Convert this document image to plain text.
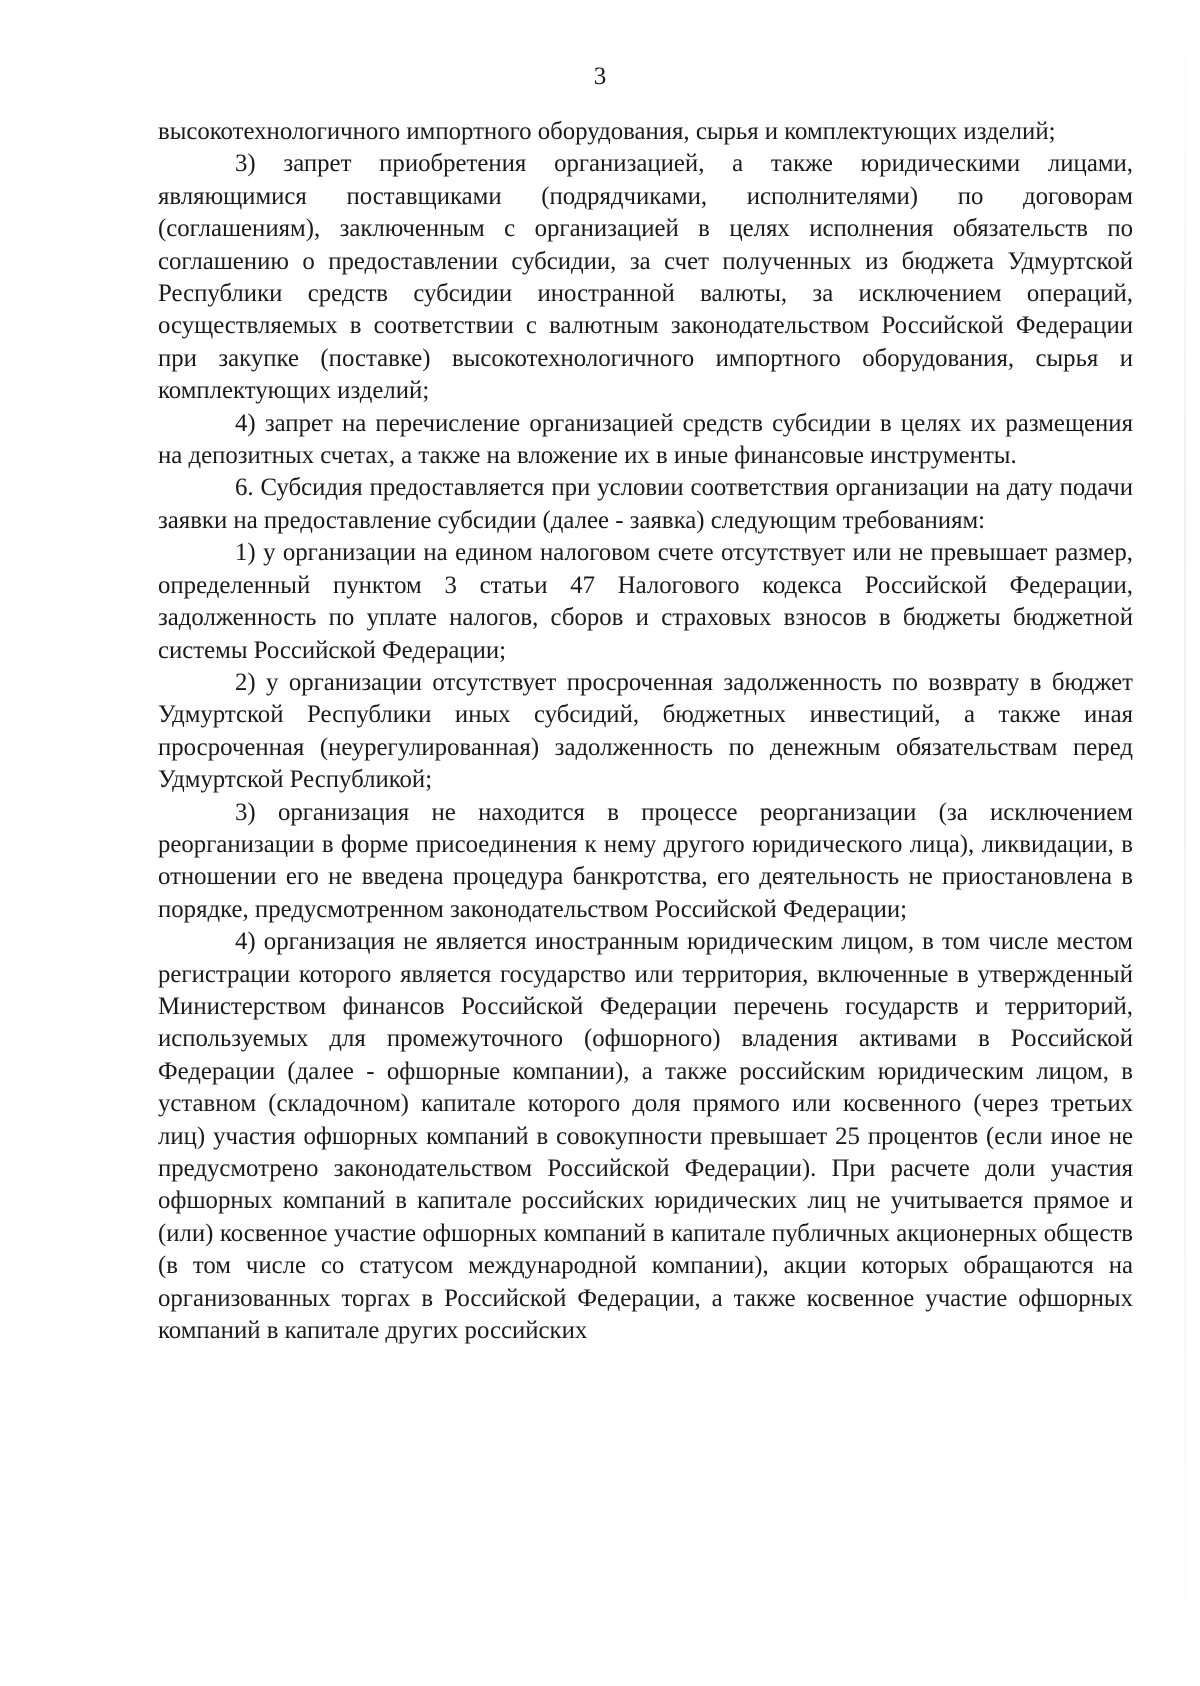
3

высокотехнологичного импортного оборудования, сырья и комплектующих изделий;

3) запрет приобретения организацией, а также юридическими лицами, являющимися поставщиками (подрядчиками, исполнителями) по договорам (соглашениям), заключенным с организацией в целях исполнения обязательств по соглашению о предоставлении субсидии, за счет полученных из бюджета Удмуртской Республики средств субсидии иностранной валюты, за исключением операций, осуществляемых в соответствии с валютным законодательством Российской Федерации при закупке (поставке) высокотехнологичного импортного оборудования, сырья и комплектующих изделий;

4) запрет на перечисление организацией средств субсидии в целях их размещения на депозитных счетах, а также на вложение их в иные финансовые инструменты.

6. Субсидия предоставляется при условии соответствия организации на дату подачи заявки на предоставление субсидии (далее - заявка) следующим требованиям:

1) у организации на едином налоговом счете отсутствует или не превышает размер, определенный пунктом 3 статьи 47 Налогового кодекса Российской Федерации, задолженность по уплате налогов, сборов и страховых взносов в бюджеты бюджетной системы Российской Федерации;

2) у организации отсутствует просроченная задолженность по возврату в бюджет Удмуртской Республики иных субсидий, бюджетных инвестиций, а также иная просроченная (неурегулированная) задолженность по денежным обязательствам перед Удмуртской Республикой;

3) организация не находится в процессе реорганизации (за исключением реорганизации в форме присоединения к нему другого юридического лица), ликвидации, в отношении его не введена процедура банкротства, его деятельность не приостановлена в порядке, предусмотренном законодательством Российской Федерации;

4) организация не является иностранным юридическим лицом, в том числе местом регистрации которого является государство или территория, включенные в утвержденный Министерством финансов Российской Федерации перечень государств и территорий, используемых для промежуточного (офшорного) владения активами в Российской Федерации (далее - офшорные компании), а также российским юридическим лицом, в уставном (складочном) капитале которого доля прямого или косвенного (через третьих лиц) участия офшорных компаний в совокупности превышает 25 процентов (если иное не предусмотрено законодательством Российской Федерации). При расчете доли участия офшорных компаний в капитале российских юридических лиц не учитывается прямое и (или) косвенное участие офшорных компаний в капитале публичных акционерных обществ (в том числе со статусом международной компании), акции которых обращаются на организованных торгах в Российской Федерации, а также косвенное участие офшорных компаний в капитале других российских
